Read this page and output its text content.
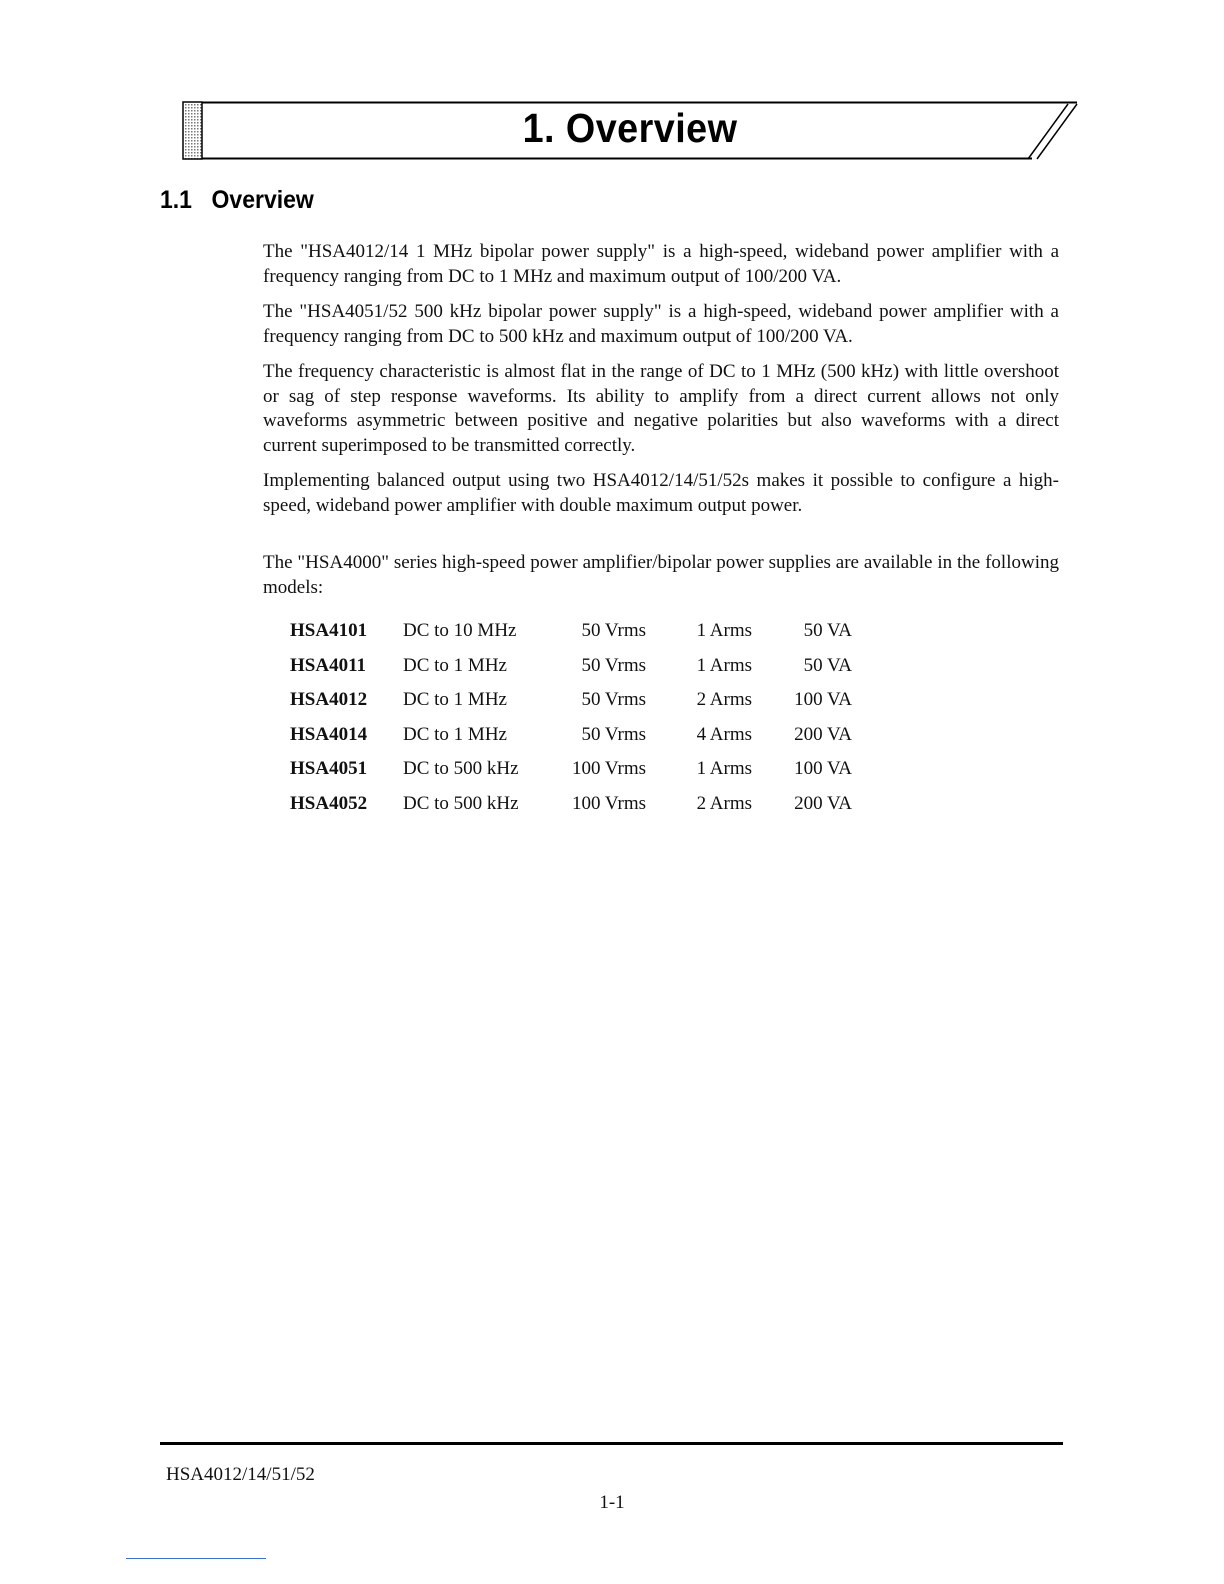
1. Overview
1.1 Overview

The "HSA4012/14 1 MHz bipolar power supply" is a high-speed, wideband power amplifier with a frequency ranging from DC to 1 MHz and maximum output of 100/200 VA.

The "HSA4051/52 500 kHz bipolar power supply" is a high-speed, wideband power amplifier with a frequency ranging from DC to 500 kHz and maximum output of 100/200 VA.

The frequency characteristic is almost flat in the range of DC to 1 MHz (500 kHz) with little overshoot or sag of step response waveforms. Its ability to amplify from a direct current allows not only waveforms asymmetric between positive and negative polarities but also waveforms with a direct current superimposed to be transmitted correctly.

Implementing balanced output using two HSA4012/14/51/52s makes it possible to configure a high-speed, wideband power amplifier with double maximum output power.

The "HSA4000" series high-speed power amplifier/bipolar power supplies are available in the following models:

HSA4101	DC to 10 MHz	50 Vrms	1 Arms	50 VA
HSA4011	DC to 1 MHz	50 Vrms	1 Arms	50 VA
HSA4012	DC to 1 MHz	50 Vrms	2 Arms	100 VA
HSA4014	DC to 1 MHz	50 Vrms	4 Arms	200 VA
HSA4051	DC to 500 kHz	100 Vrms	1 Arms	100 VA
HSA4052	DC to 500 kHz	100 Vrms	2 Arms	200 VA
HSA4012/14/51/52
1-1
